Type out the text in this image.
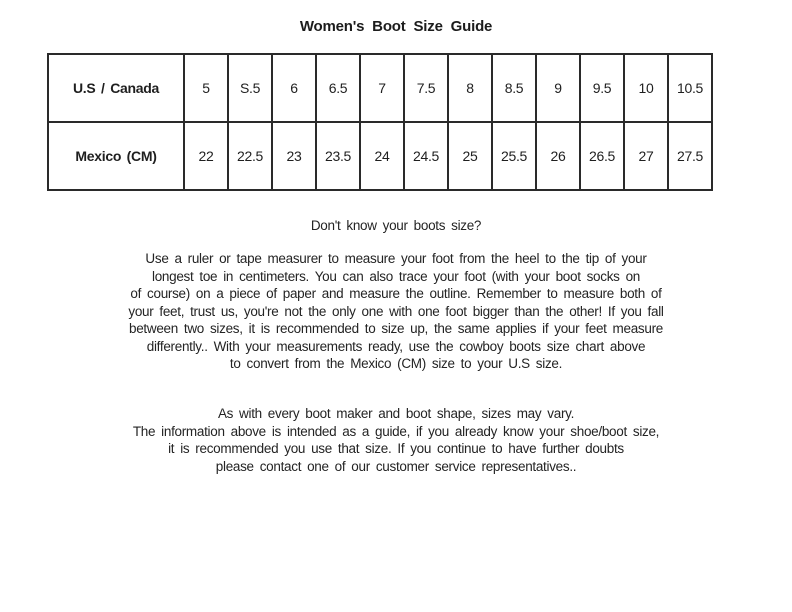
Women's Boot Size Guide
U.S / Canada	5	S.5	6	6.5	7	7.5	8	8.5	9	9.5	10	10.5
Mexico (CM)	22	22.5	23	23.5	24	24.5	25	25.5	26	26.5	27	27.5
Don't know your boots size?
Use a ruler or tape measurer to measure your foot from the heel to the tip of your
longest toe in centimeters. You can also trace your foot (with your boot socks on
of course) on a piece of paper and measure the outline. Remember to measure both of
your feet, trust us, you're not the only one with one foot bigger than the other! If you fall
between two sizes, it is recommended to size up, the same applies if your feet measure
differently.. With your measurements ready, use the cowboy boots size chart above
to convert from the Mexico (CM) size to your U.S size.
As with every boot maker and boot shape, sizes may vary.
The information above is intended as a guide, if you already know your shoe/boot size,
it is recommended you use that size. If you continue to have further doubts
please contact one of our customer service representatives..
